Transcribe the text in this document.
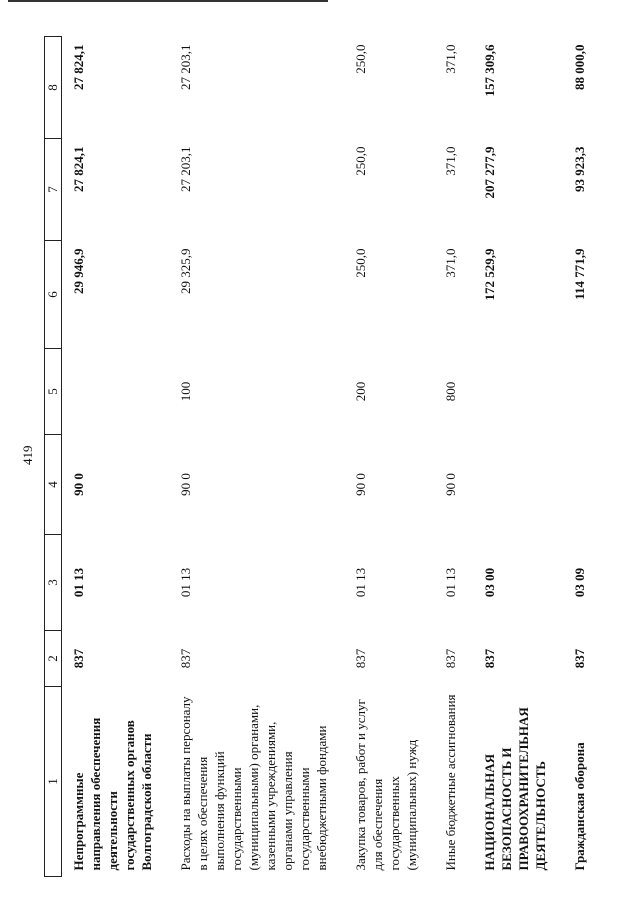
419
1	2	3	4	5	6	7	8
Непрограммные направления обеспечения деятельности государственных органов Волгоградской области	837	01 13	90 0		29 946,9	27 824,1	27 824,1
Расходы на выплаты персоналу в целях обеспечения выполнения функций государственными (муниципальными) органами, казенными учреждениями, органами управления государственными внебюджетными фондами	837	01 13	90 0	100	29 325,9	27 203,1	27 203,1
Закупка товаров, работ и услуг для обеспечения государственных (муниципальных) нужд	837	01 13	90 0	200	250,0	250,0	250,0
Иные бюджетные ассигнования	837	01 13	90 0	800	371,0	371,0	371,0
НАЦИОНАЛЬНАЯ БЕЗОПАСНОСТЬ И ПРАВООХРАНИТЕЛЬНАЯ ДЕЯТЕЛЬНОСТЬ	837	03 00			172 529,9	207 277,9	157 309,6
Гражданская оборона	837	03 09			114 771,9	93 923,3	88 000,0
